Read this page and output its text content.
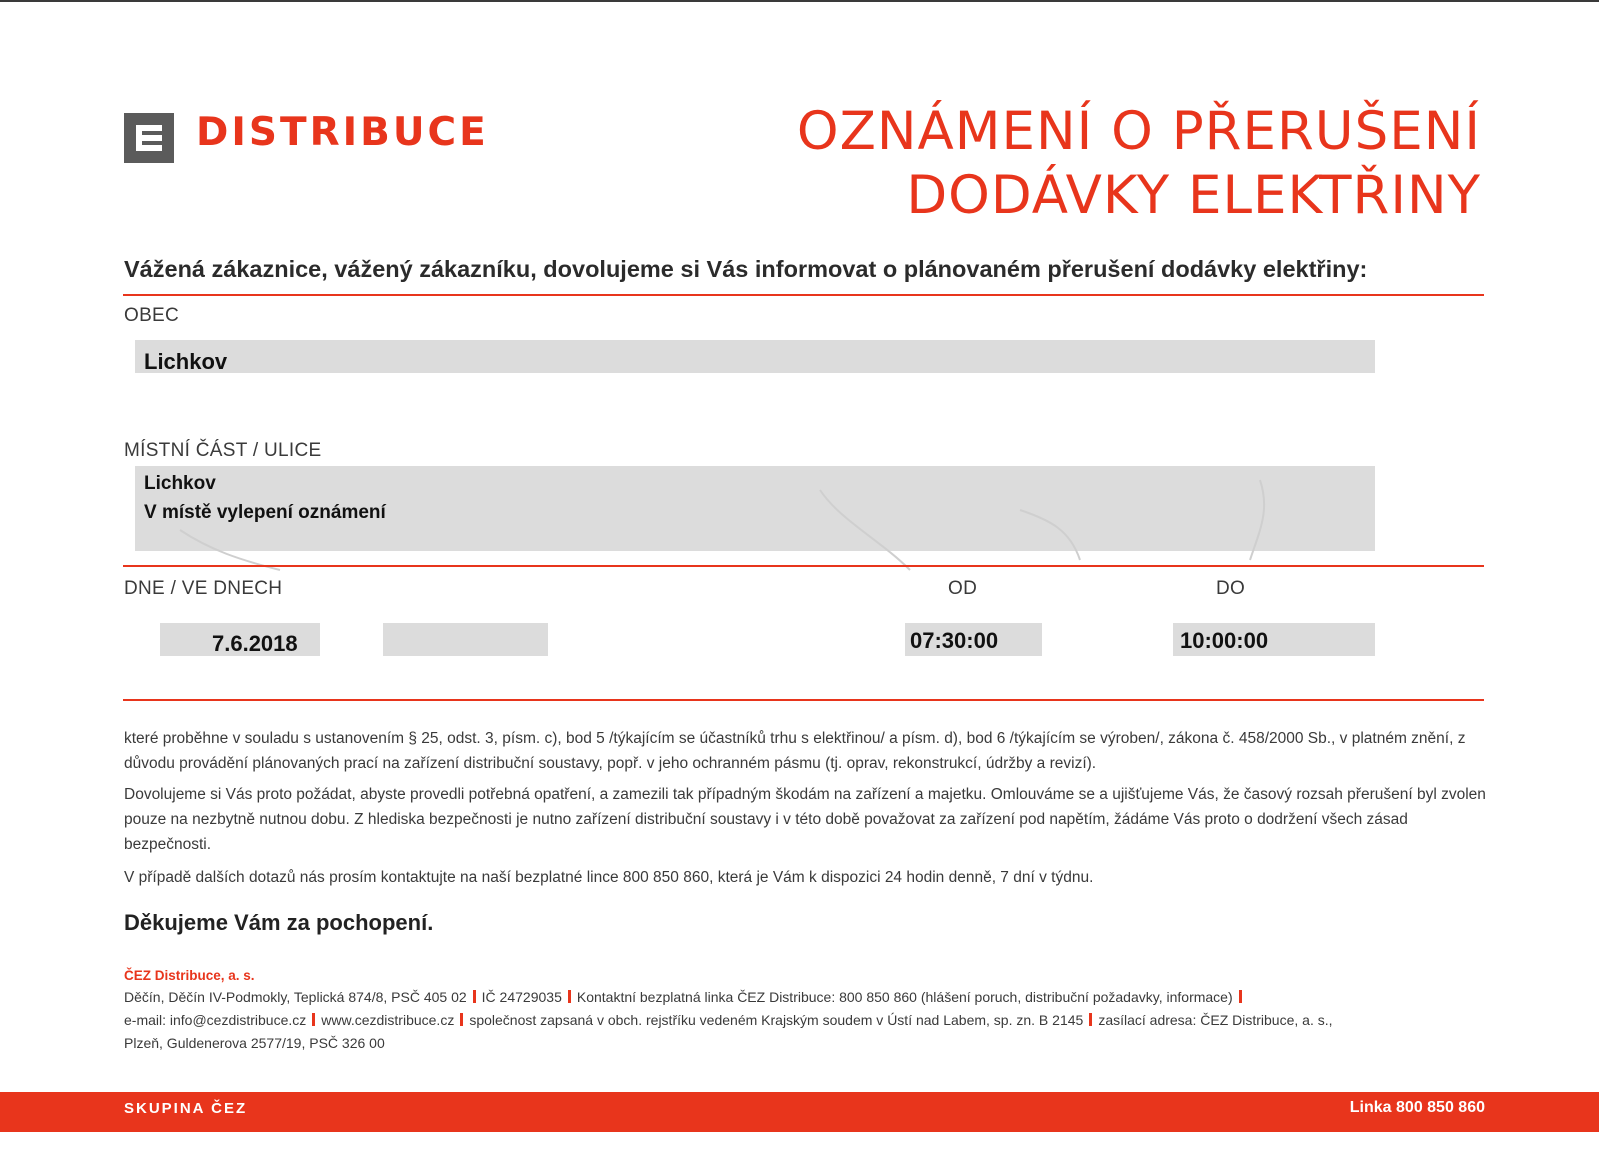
DISTRIBUCE	OZNÁMENÍ O PŘERUŠENÍ
DODÁVKY ELEKTŘINY
Vážená zákaznice, vážený zákazníku, dovolujeme si Vás informovat o plánovaném přerušení dodávky elektřiny:
OBEC
Lichkov
MÍSTNÍ ČÁST / ULICE
Lichkov
V místě vylepení oznámení
DNE / VE DNECH	OD	DO
7.6.2018	07:30:00	10:00:00

které proběhne v souladu s ustanovením § 25, odst. 3, písm. c), bod 5 /týkajícím se účastníků trhu s elektřinou/ a písm. d), bod 6 /týkajícím se výroben/, zákona č. 458/2000 Sb., v platném znění, z důvodu provádění plánovaných prací na zařízení distribuční soustavy, popř. v jeho ochranném pásmu (tj. oprav, rekonstrukcí, údržby a revizí).

Dovolujeme si Vás proto požádat, abyste provedli potřebná opatření, a zamezili tak případným škodám na zařízení a majetku. Omlouváme se a ujišťujeme Vás, že časový rozsah přerušení byl zvolen pouze na nezbytně nutnou dobu. Z hlediska bezpečnosti je nutno zařízení distribuční soustavy i v této době považovat za zařízení pod napětím, žádáme Vás proto o dodržení všech zásad bezpečnosti.

V případě dalších dotazů nás prosím kontaktujte na naší bezplatné lince 800 850 860, která je Vám k dispozici 24 hodin denně, 7 dní v týdnu.

Děkujeme Vám za pochopení.
ČEZ Distribuce, a. s.
Děčín, Děčín IV-Podmokly, Teplická 874/8, PSČ 405 02 IČ 24729035 Kontaktní bezplatná linka ČEZ Distribuce: 800 850 860 (hlášení poruch, distribuční požadavky, informace)
e-mail: info@cezdistribuce.cz www.cezdistribuce.cz společnost zapsaná v obch. rejstříku vedeném Krajským soudem v Ústí nad Labem, sp. zn. B 2145 zasílací adresa: ČEZ Distribuce, a. s.,
Plzeň, Guldenerova 2577/19, PSČ 326 00
SKUPINA ČEZ	Linka 800 850 860
